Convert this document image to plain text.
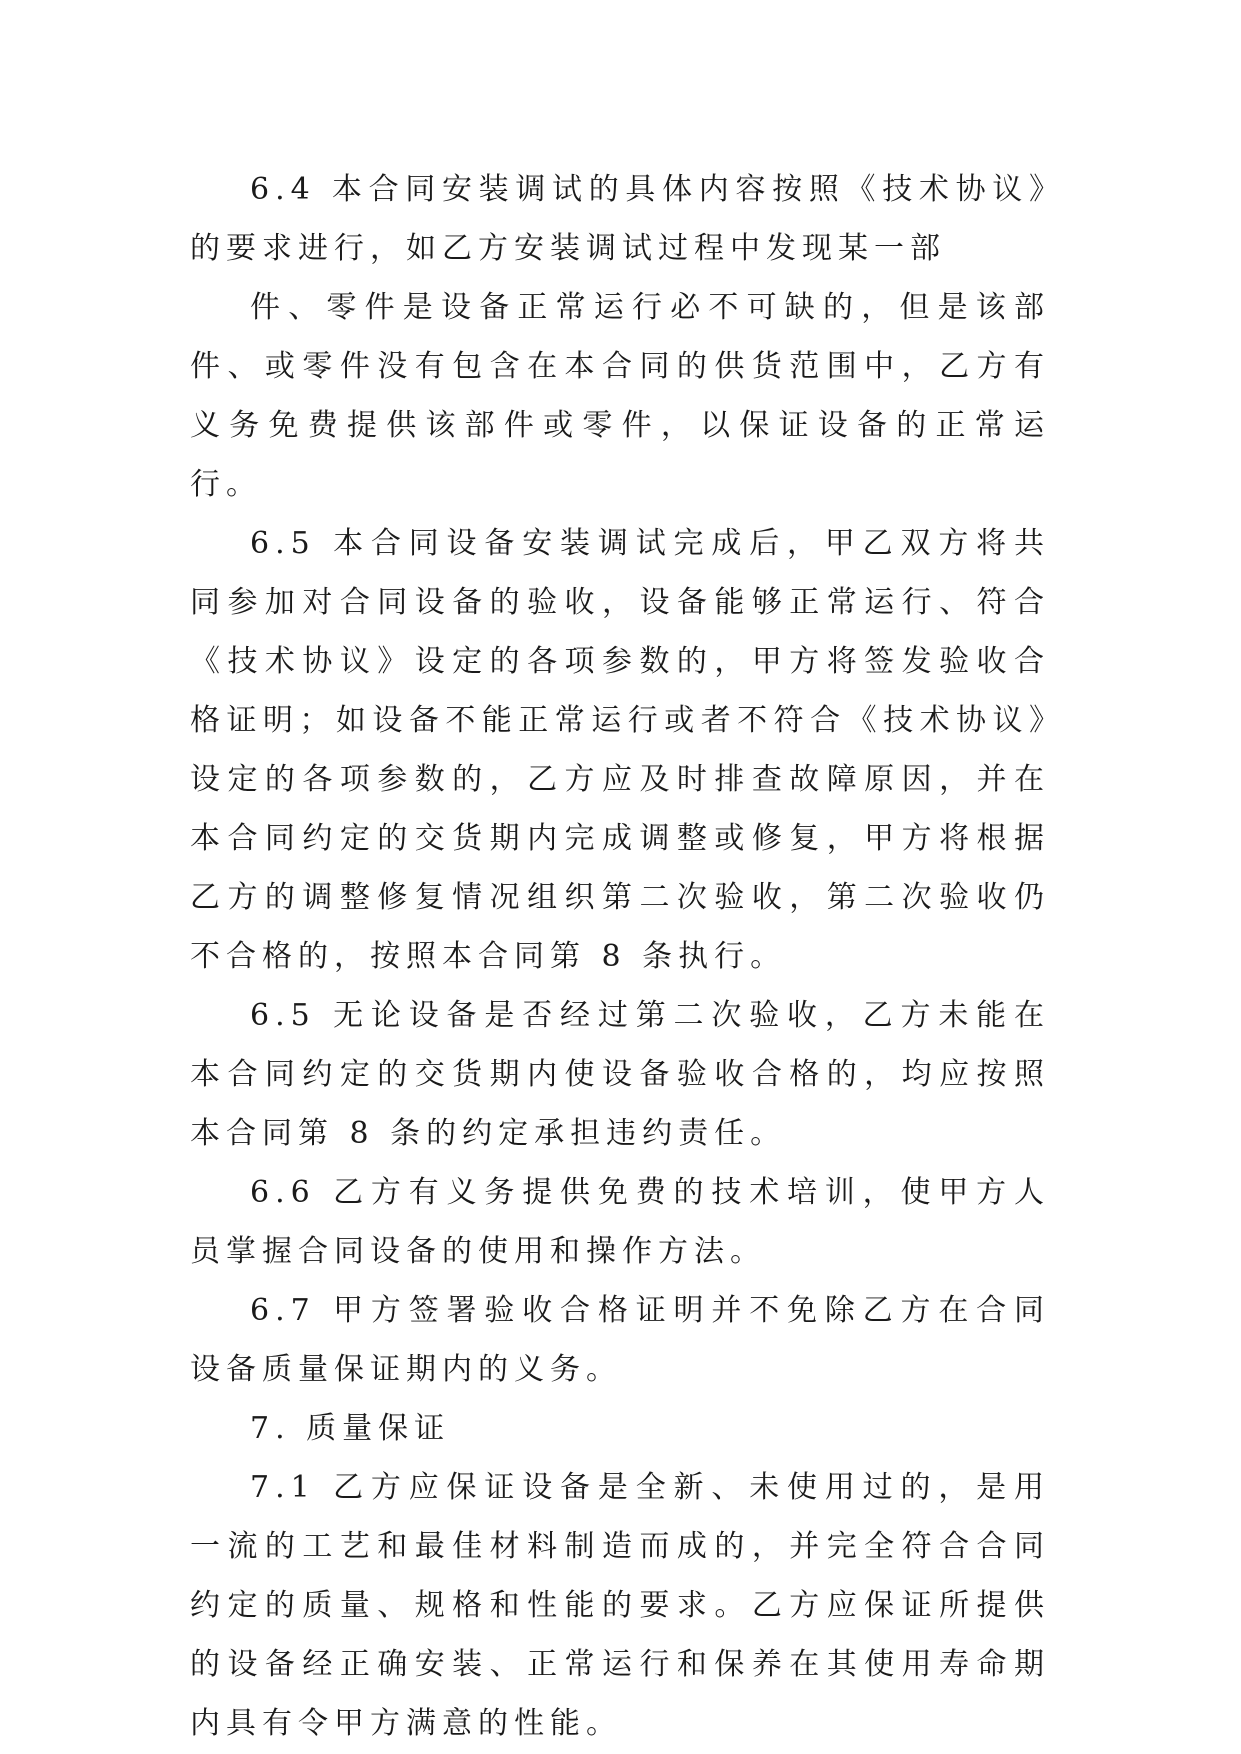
6.4 本合同安装调试的具体内容按照《技术协议》的要求进行，如乙方安装调试过程中发现某一部

件、零件是设备正常运行必不可缺的，但是该部件、或零件没有包含在本合同的供货范围中，乙方有义务免费提供该部件或零件，以保证设备的正常运行。

6.5 本合同设备安装调试完成后，甲乙双方将共同参加对合同设备的验收，设备能够正常运行、符合《技术协议》设定的各项参数的，甲方将签发验收合格证明；如设备不能正常运行或者不符合《技术协议》设定的各项参数的，乙方应及时排查故障原因，并在本合同约定的交货期内完成调整或修复，甲方将根据乙方的调整修复情况组织第二次验收，第二次验收仍不合格的，按照本合同第 8 条执行。

6.5 无论设备是否经过第二次验收，乙方未能在本合同约定的交货期内使设备验收合格的，均应按照本合同第 8 条的约定承担违约责任。

6.6 乙方有义务提供免费的技术培训，使甲方人员掌握合同设备的使用和操作方法。

6.7 甲方签署验收合格证明并不免除乙方在合同设备质量保证期内的义务。

7. 质量保证

7.1 乙方应保证设备是全新、未使用过的，是用一流的工艺和最佳材料制造而成的，并完全符合合同约定的质量、规格和性能的要求。乙方应保证所提供的设备经正确安装、正常运行和保养在其使用寿命期内具有令甲方满意的性能。
